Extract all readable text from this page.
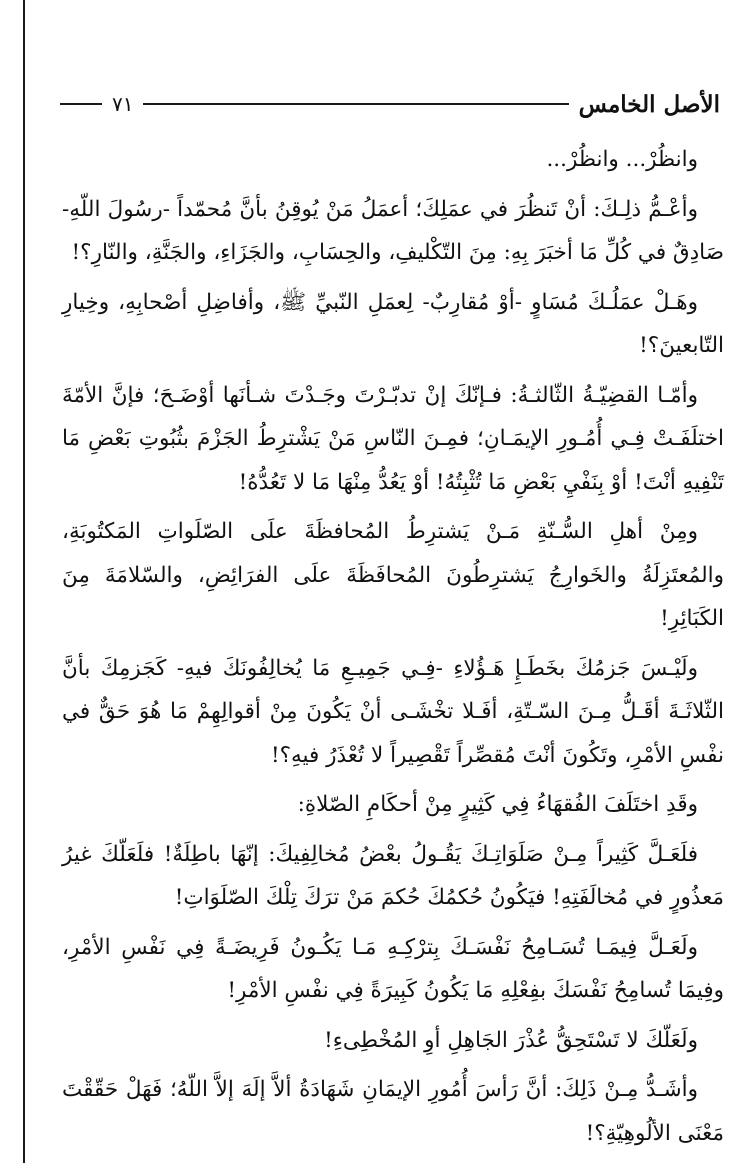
الأصل الخامس
٧١

وانظُرْ... وانظُرْ...

وأعْـمُّ ذلِـكَ: أنْ تَنظُرَ في عمَلِكَ؛ أعمَلُ مَنْ يُوقِنُ بأنَّ مُحمّداً -رسُولَ اللّهِ- صَادِقٌ في كُلِّ مَا أخبَرَ بِهِ: مِنَ التّكْليفِ، والحِسَابِ، والجَزَاءِ، والجَنَّةِ، والنّارِ؟!

وهَـلْ عمَلُـكَ مُسَاوٍ -أوْ مُقارِبٌ- لِعمَلِ النّبيِّ ﷺ، وأفاضِلِ أصْحابِهِ، وخِيارِ التّابعينَ؟!

وأمّـا القضِيّـةُ الثّالثـةُ: فـإنّكَ إنْ تدبّـرْتَ وجَـدْتَ شـأنَها أوْضَـحَ؛ فإنَّ الأمّةَ اختلَفَـتْ فِـي أُمُـورِ الإيمَـانِ؛ فمِـنَ النّاسِ مَنْ يَشْترِطُ الجَزْمَ بثُبُوتِ بَعْضِ مَا تَنْفِيهِ أنْتَ! أوْ بِنَفْيِ بَعْضِ مَا تُثْبِتُهُ! أوْ يَعُدُّ مِنْهَا مَا لا تَعُدُّهُ!

ومِنْ أهلِ السُّـنّةِ مَـنْ يَشترِطُ المُحافظَةَ علَى الصّلَواتِ المَكتُوبَةِ، والمُعتَزِلَةُ والخَوارِجُ يَشترِطُونَ المُحافَظَةَ علَى الفرَائِضِ، والسّلامَةَ مِنَ الكَبَائِرِ!

ولَيْـسَ جَزمُكَ بخَطَـإِ هَـؤُلاءِ -فِـي جَمِيـعِ مَا يُخالِفُونَكَ فيهِ- كَجَزمِكَ بأنَّ الثّلاثَـةَ أقَـلُّ مِـنَ السّـتّةِ، أفَـلا تخْشَـى أنْ يَكُونَ مِنْ أقوالِهِمْ مَا هُوَ حَقٌّ في نفْسِ الأمْرِ، وتَكُونَ أنْتَ مُقصِّراً تَقْصِيراً لا تُعْذَرُ فيهِ؟!

وقَدِ اختَلَفَ الفُقهَاءُ فِي كَثِيرٍ مِنْ أحكَامِ الصّلاةِ:

فلَعَـلَّ كَثِيراً مِـنْ صَلَوَاتِـكَ يَقُـولُ بعْضُ مُخالِفِيكَ: إنّهَا باطِلَةٌ! فلَعَلّكَ غيرُ مَعذُورٍ في مُخالَفَتِهِ! فيَكُونُ حُكمُكَ حُكمَ مَنْ ترَكَ تِلْكَ الصّلَوَاتِ!

ولَعَـلَّ فِيمَـا تُسَـامِحُ نَفْسَـكَ بِترْكِـهِ مَـا يَكُـونُ فَرِيضَـةً فِي نَفْسِ الأمْرِ، وفِيمَا تُسامِحُ نَفْسَكَ بفِعْلِهِ مَا يَكُونُ كَبِيرَةً فِي نفْسِ الأمْرِ!

ولَعَلّكَ لا تَسْتَحِقُّ عُذْرَ الجَاهِلِ أوِ المُخْطِىءِ!

وأشَـدُّ مِـنْ ذَلِكَ: أنَّ رَأسَ أُمُورِ الإيمَانِ شَهَادَةُ ألاَّ إلَهَ إلاَّ اللّهُ؛ فَهَلْ حَقّقْتَ مَعْنَى الألُوهِيّةِ؟!
